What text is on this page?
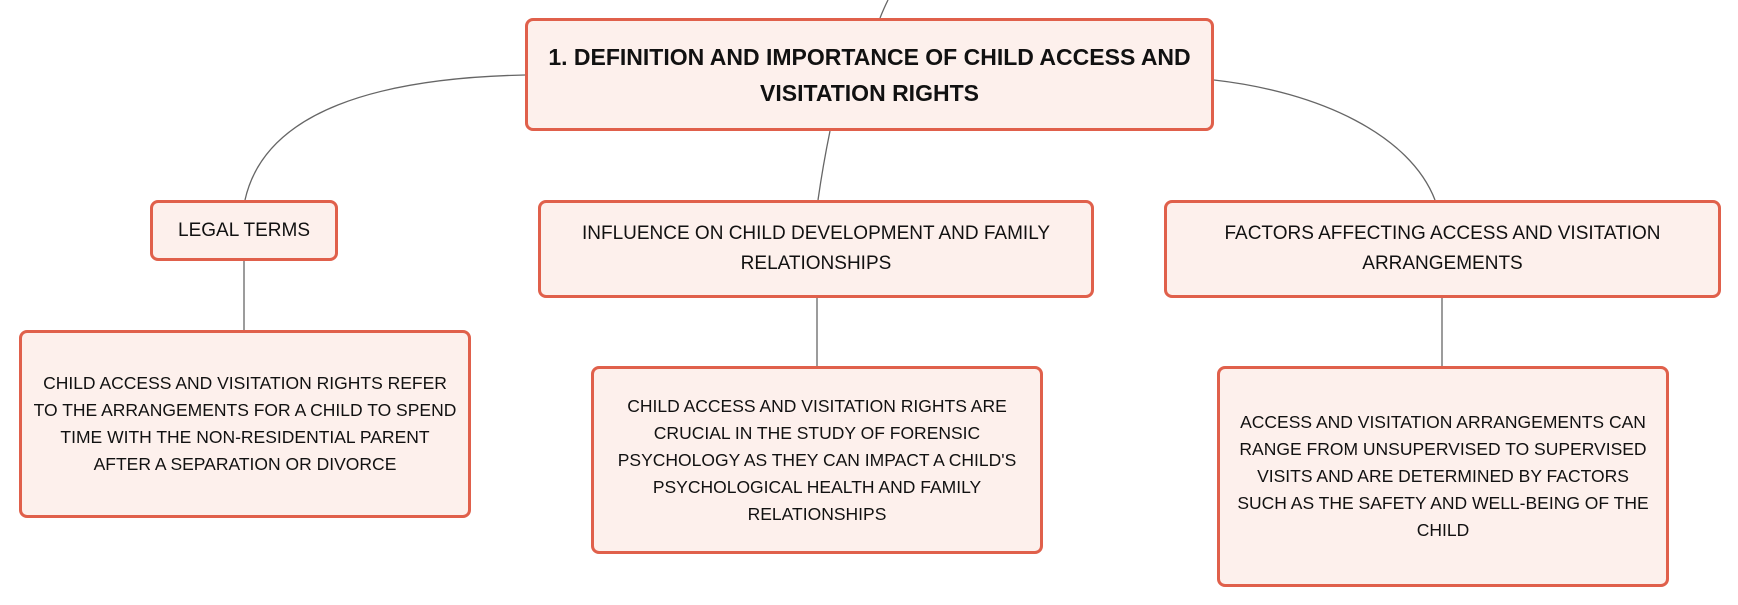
1. DEFINITION AND IMPORTANCE OF CHILD ACCESS AND VISITATION RIGHTS
LEGAL TERMS	INFLUENCE ON CHILD DEVELOPMENT AND FAMILY RELATIONSHIPS
FACTORS AFFECTING ACCESS AND VISITATION ARRANGEMENTS
CHILD ACCESS AND VISITATION RIGHTS REFER TO THE ARRANGEMENTS FOR A CHILD TO SPEND TIME WITH THE NON-RESIDENTIAL PARENT AFTER A SEPARATION OR DIVORCE
CHILD ACCESS AND VISITATION RIGHTS ARE CRUCIAL IN THE STUDY OF FORENSIC PSYCHOLOGY AS THEY CAN IMPACT A CHILD'S PSYCHOLOGICAL HEALTH AND FAMILY RELATIONSHIPS
ACCESS AND VISITATION ARRANGEMENTS CAN RANGE FROM UNSUPERVISED TO SUPERVISED VISITS AND ARE DETERMINED BY FACTORS SUCH AS THE SAFETY AND WELL-BEING OF THE CHILD
